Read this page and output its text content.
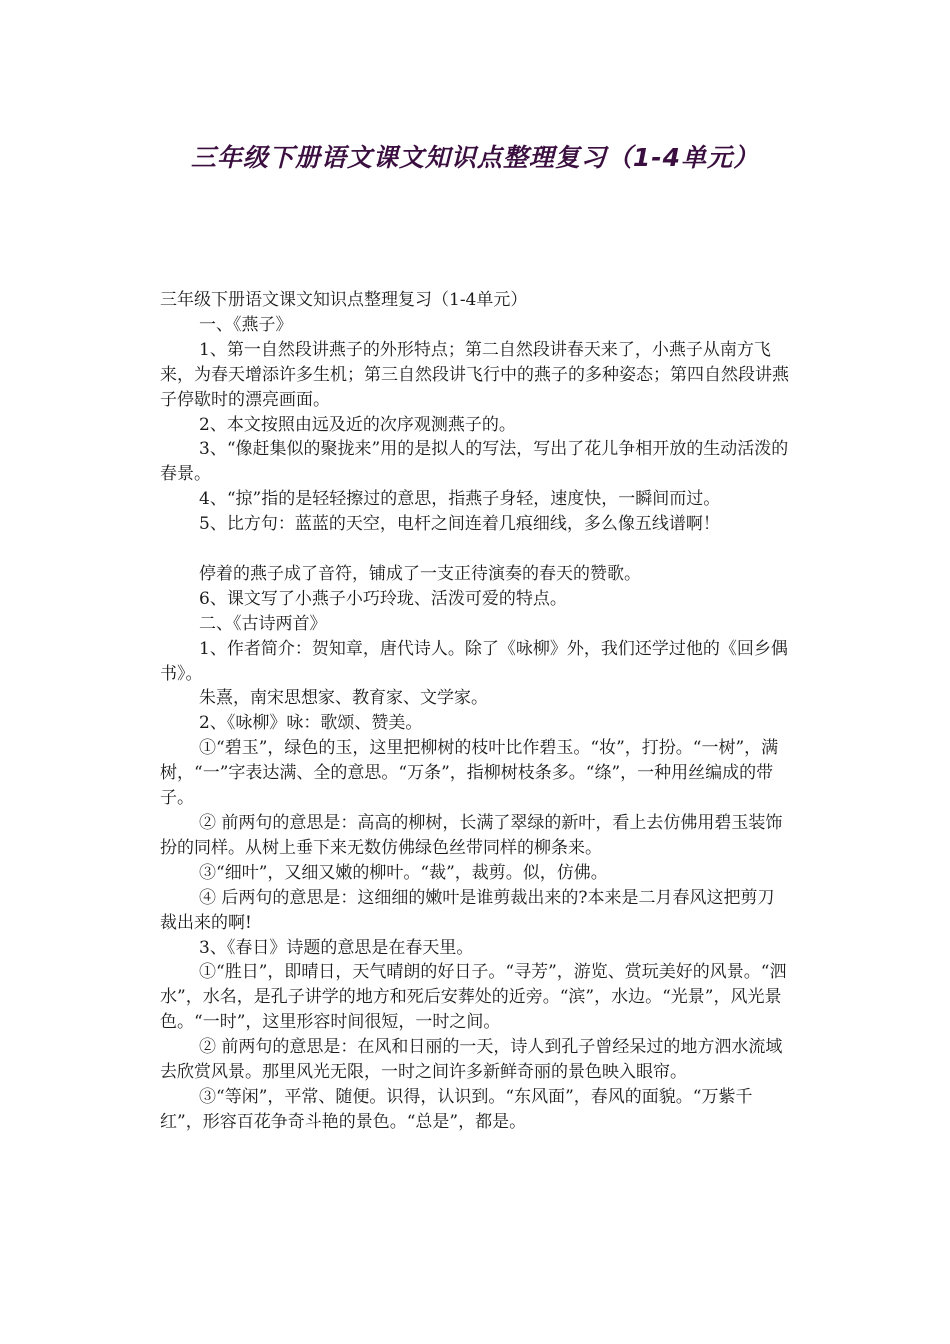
三年级下册语文课文知识点整理复习（1-4单元）

三年级下册语文课文知识点整理复习（1-4单元）

一、《燕子》

1、第一自然段讲燕子的外形特点；第二自然段讲春天来了，小燕子从南方飞来，为春天增添许多生机；第三自然段讲飞行中的燕子的多种姿态；第四自然段讲燕子停歇时的漂亮画面。

2、本文按照由远及近的次序观测燕子的。

3、“像赶集似的聚拢来”用的是拟人的写法，写出了花儿争相开放的生动活泼的春景。

4、“掠”指的是轻轻擦过的意思，指燕子身轻，速度快，一瞬间而过。

5、比方句：蓝蓝的天空，电杆之间连着几痕细线，多么像五线谱啊！

停着的燕子成了音符，铺成了一支正待演奏的春天的赞歌。

6、课文写了小燕子小巧玲珑、活泼可爱的特点。

二、《古诗两首》

1、作者简介：贺知章，唐代诗人。除了《咏柳》外，我们还学过他的《回乡偶书》。

朱熹，南宋思想家、教育家、文学家。

2、《咏柳》咏：歌颂、赞美。

①“碧玉”，绿色的玉，这里把柳树的枝叶比作碧玉。“妆”，打扮。“一树”，满树，“一”字表达满、全的意思。“万条”，指柳树枝条多。“绦”，一种用丝编成的带子。

② 前两句的意思是：高高的柳树，长满了翠绿的新叶，看上去仿佛用碧玉装饰扮的同样。从树上垂下来无数仿佛绿色丝带同样的柳条来。

③“细叶”，又细又嫩的柳叶。“裁”，裁剪。似，仿佛。

④ 后两句的意思是：这细细的嫩叶是谁剪裁出来的?本来是二月春风这把剪刀裁出来的啊!

3、《春日》诗题的意思是在春天里。

①“胜日”，即晴日，天气晴朗的好日子。“寻芳”，游览、赏玩美好的风景。“泗水”，水名，是孔子讲学的地方和死后安葬处的近旁。“滨”，水边。“光景”，风光景色。“一时”，这里形容时间很短，一时之间。

② 前两句的意思是：在风和日丽的一天，诗人到孔子曾经呆过的地方泗水流域去欣赏风景。那里风光无限，一时之间许多新鲜奇丽的景色映入眼帘。

③“等闲”，平常、随便。识得，认识到。“东风面”，春风的面貌。“万紫千红”，形容百花争奇斗艳的景色。“总是”，都是。
